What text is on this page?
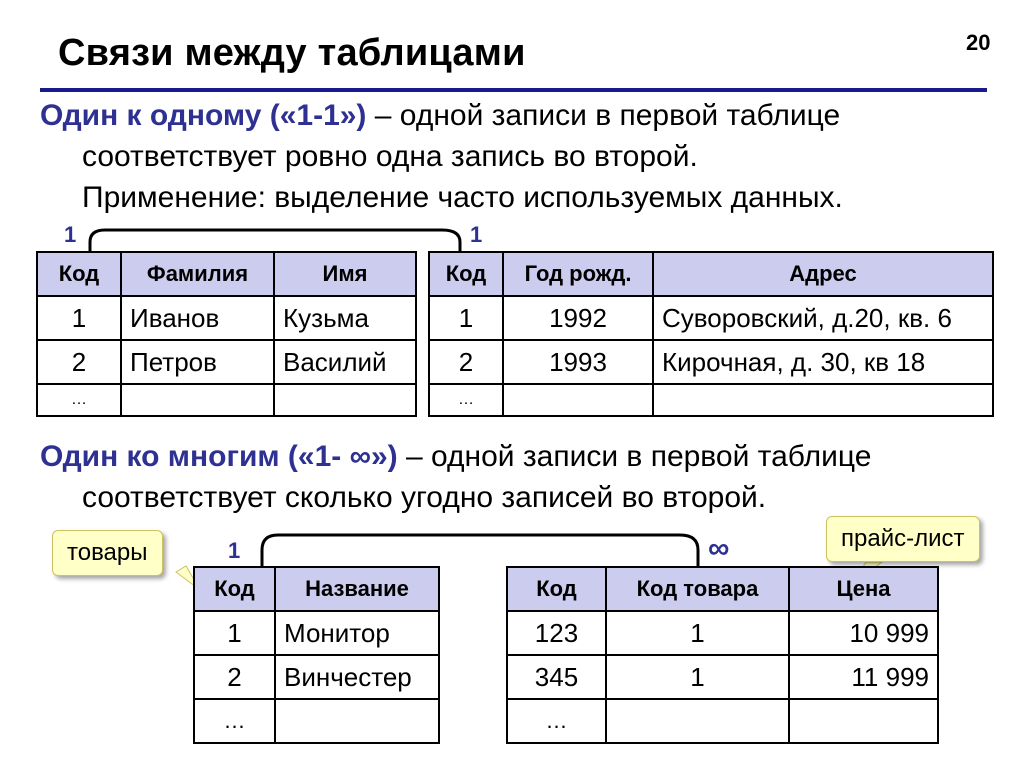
20
Связи между таблицами
Один к одному («1-1») – одной записи в первой таблице
соответствует ровно одна запись во второй.
Применение: выделение часто используемых данных.
1	1
Код	Фамилия	Имя
1	Иванов	Кузьма
2	Петров	Василий
…		
Код	Год рожд.	Адрес
1	1992	Суворовский, д.20, кв. 6
2	1993	Кирочная, д. 30, кв 18
…		
Один ко многим («1- ∞») – одной записи в первой таблице
соответствует сколько угодно записей во второй.
товары
прайс-лист
1	∞
Код	Название
1	Монитор
2	Винчестер
…	
Код	Код товара	Цена
123	1	10 999
345	1	11 999
…		
